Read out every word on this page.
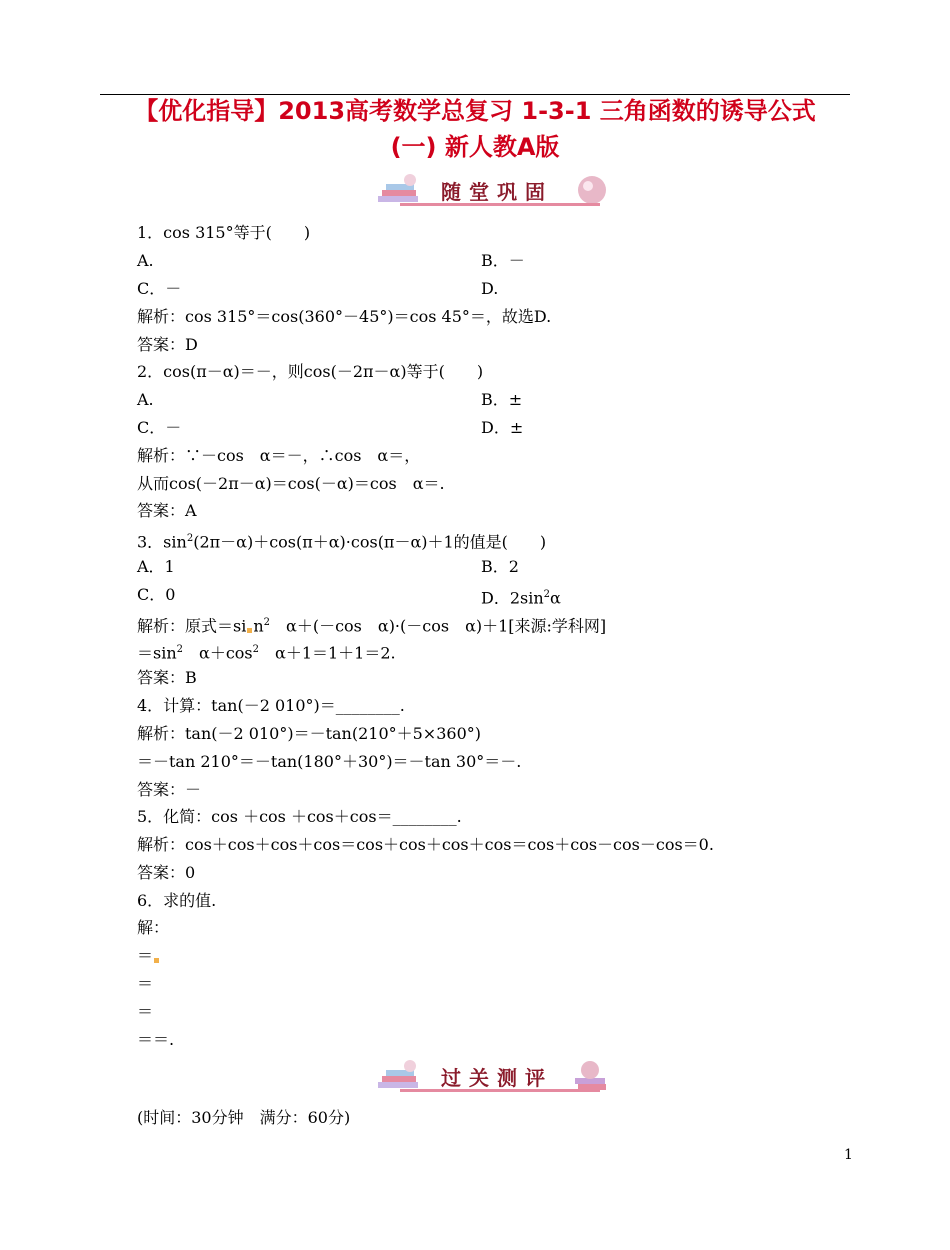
【优化指导】2013高考数学总复习 1-3-1 三角函数的诱导公式
(一) 新人教A版
随堂巩固
1．cos 315°等于(　　)
A.	B．－
C．－	D.
解析：cos 315°＝cos(360°－45°)＝cos 45°＝，故选D.
答案：D
2．cos(π－α)＝－，则cos(－2π－α)等于(　　)
A.	B．±
C．－	D．±
解析：∵－cos　α＝－，∴cos　α＝，
从而cos(－2π－α)＝cos(－α)＝cos　α＝.
答案：A
3．$\sin^2(2\pi-\alpha)+\cos(\pi+\alpha)\cdot\cos(\pi-\alpha)+1$的值是(　　)
A．1	B．2
C．0	D．$2\sin^2\alpha$
解析：原式＝si $n^2$　α＋(－cos　α)·(－cos　α)＋1[来源:学科网]
$=\sin^2$　$\alpha+\cos^2$　α＋1＝1＋1＝2.
答案：B
4．计算：tan(－2 010°)＝________.
解析：tan(－2 010°)＝－tan(210°＋5×360°)
＝－tan 210°＝－tan(180°＋30°)＝－tan 30°＝－.
答案：－
5．化简：cos ＋cos ＋cos＋cos＝________.
解析：cos＋cos＋cos＋cos＝cos＋cos＋cos＋cos＝cos＋cos－cos－cos＝0.
答案：0
6．求的值.
解：
＝
＝
＝
＝＝.
过关测评
(时间：30分钟　满分：60分)
1
